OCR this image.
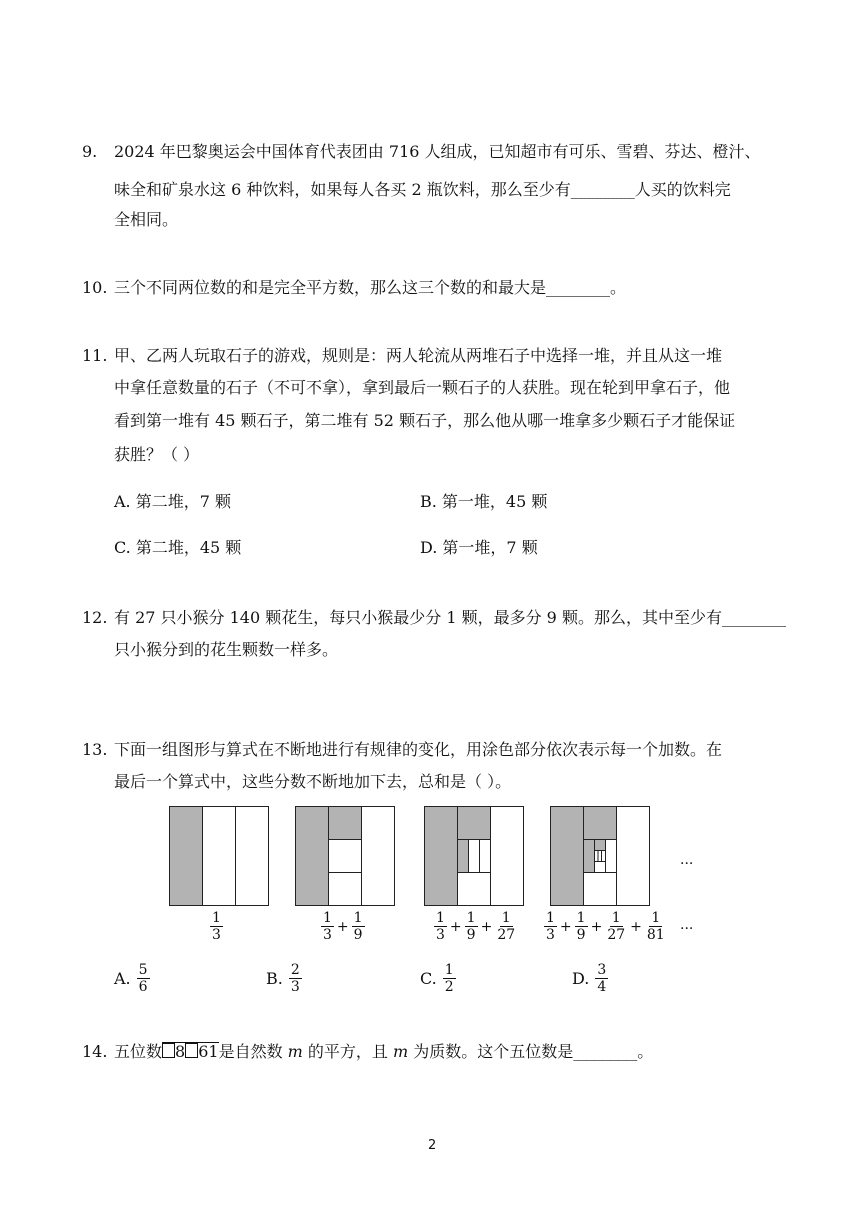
9. 2024 年巴黎奥运会中国体育代表团由 716 人组成，已知超市有可乐、雪碧、芬达、橙汁、
味全和矿泉水这 6 种饮料，如果每人各买 2 瓶饮料，那么至少有________人买的饮料完
全相同。
10. 三个不同两位数的和是完全平方数，那么这三个数的和最大是________。
11. 甲、乙两人玩取石子的游戏，规则是：两人轮流从两堆石子中选择一堆，并且从这一堆
中拿任意数量的石子（不可不拿），拿到最后一颗石子的人获胜。现在轮到甲拿石子，他
看到第一堆有 45 颗石子，第二堆有 52 颗石子，那么他从哪一堆拿多少颗石子才能保证
获胜？（ ）
A. 第二堆，7 颗	B. 第一堆，45 颗
C. 第二堆，45 颗	D. 第一堆，7 颗
12. 有 27 只小猴分 140 颗花生，每只小猴最少分 1 颗，最多分 9 颗。那么，其中至少有________
只小猴分到的花生颗数一样多。
13. 下面一组图形与算式在不断地进行有规律的变化，用涂色部分依次表示每一个加数。在
最后一个算式中，这些分数不断地加下去，总和是（ ）。
...
$\frac{1}{3}$	$\frac{1}{3} + \frac{1}{9}$	$\frac{1}{3} + \frac{1}{9} + \frac{1}{27} \frac{1}{3} + \frac{1}{9} + \frac{1}{27} + \frac{1}{81}$ ...
A. $\frac{5}{6}$	B. $\frac{2}{3}$	C. $\frac{1}{2}$	D. $\frac{3}{4}$
14. 五位数 8 61是自然数 m 的平方，且 m 为质数。这个五位数是________。
2
